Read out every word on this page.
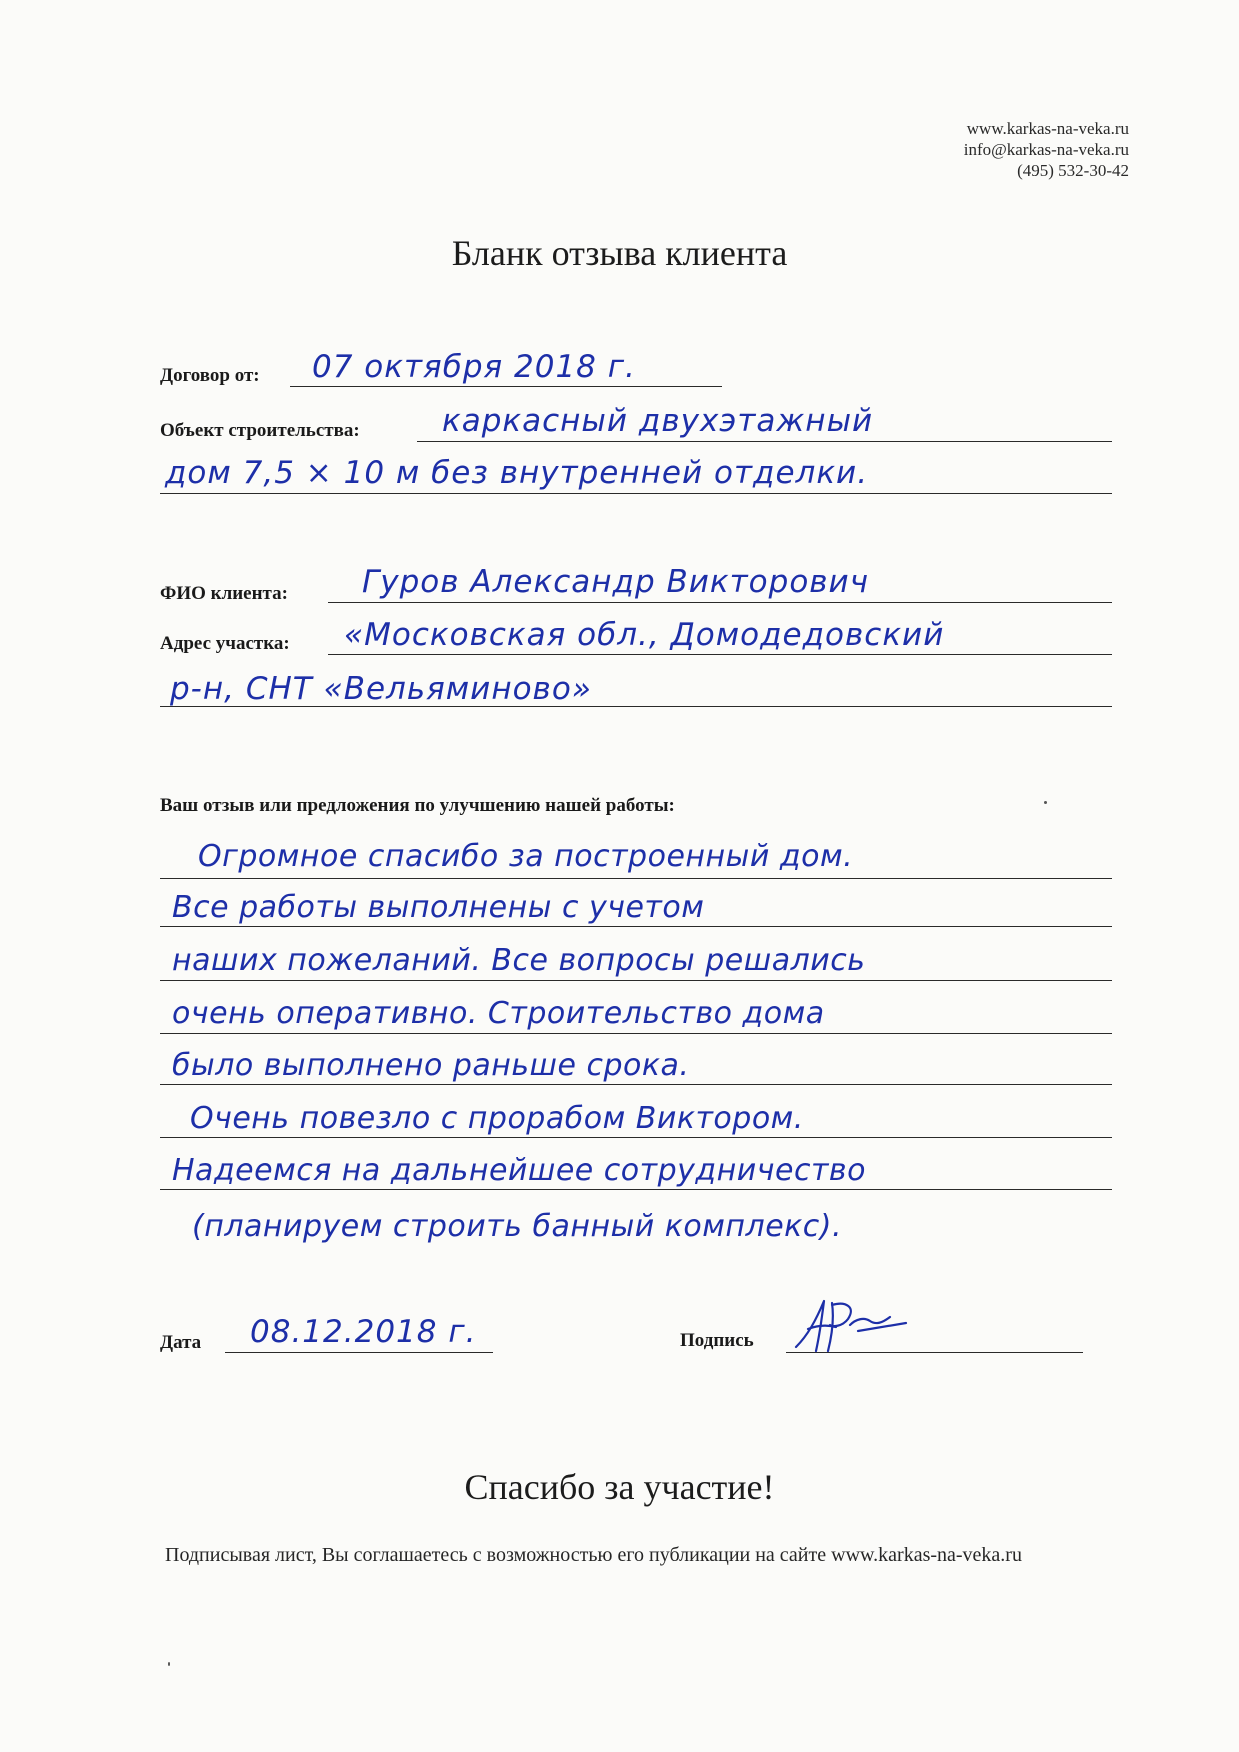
www.karkas-na-veka.ru
info@karkas-na-veka.ru
(495) 532-30-42
Бланк отзыва клиента
Договор от: 07 октября 2018 г.
Объект строительства:	каркасный двухэтажный
дом 7,5 × 10 м без внутренней отделки.
ФИО клиента: Гуров Александр Викторович
Адрес участка: «Московская обл., Домодедовский
р-н, СНТ «Вельяминово»
Ваш отзыв или предложения по улучшению нашей работы:
Огромное спасибо за построенный дом.
Все работы выполнены с учетом
наших пожеланий. Все вопросы решались
очень оперативно. Строительство дома
было выполнено раньше срока.
Очень повезло с прорабом Виктором.
Надеемся на дальнейшее сотрудничество
(планируем строить банный комплекс).
Дата 08.12.2018 г.	Подпись
Спасибо за участие!
Подписывая лист, Вы соглашаетесь с возможностью его публикации на сайте www.karkas-na-veka.ru
